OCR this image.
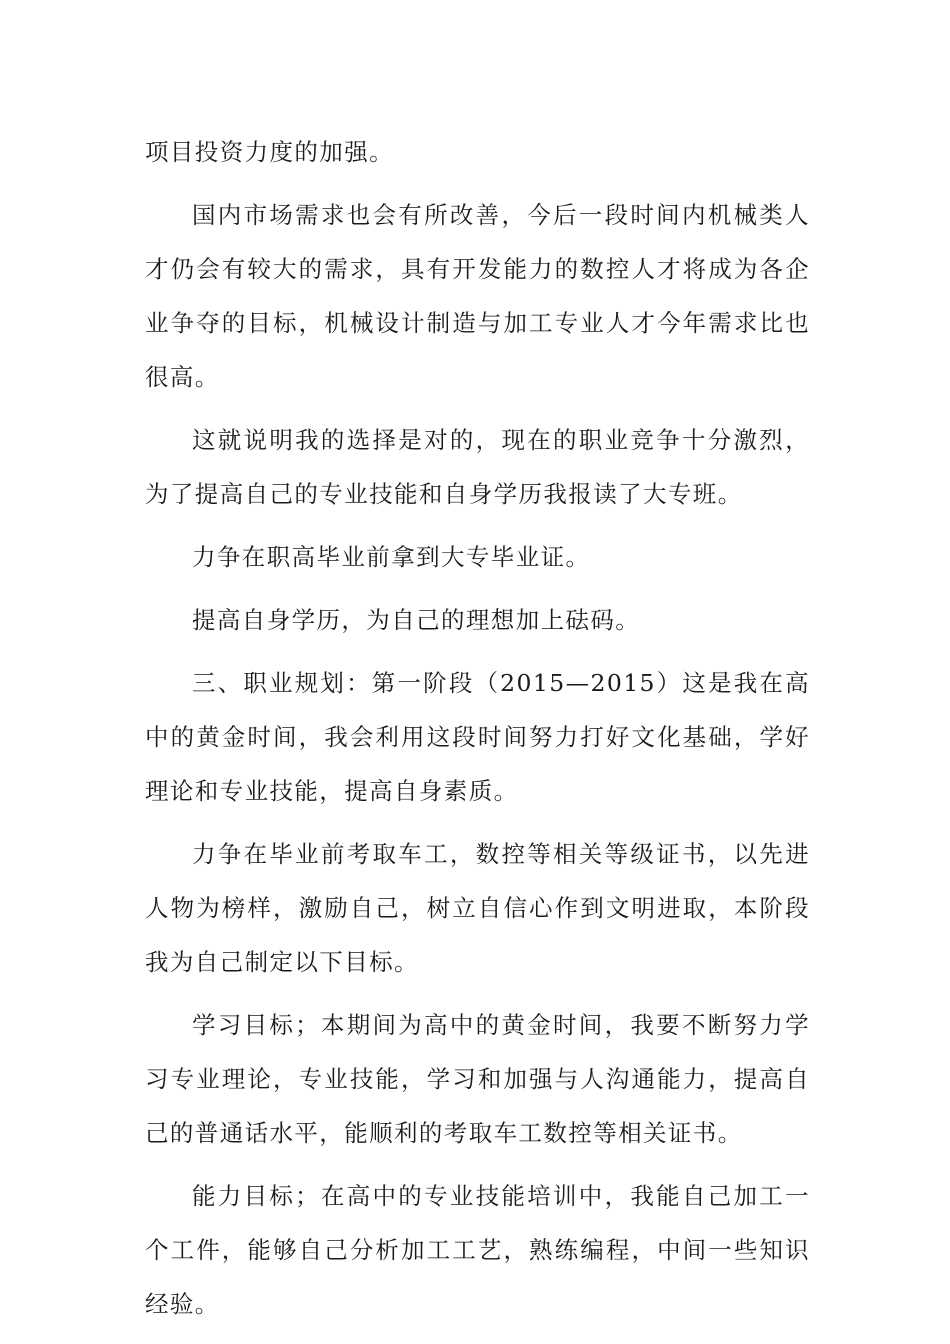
项目投资力度的加强。

国内市场需求也会有所改善，今后一段时间内机械类人才仍会有较大的需求，具有开发能力的数控人才将成为各企业争夺的目标，机械设计制造与加工专业人才今年需求比也很高。

这就说明我的选择是对的，现在的职业竞争十分激烈，为了提高自己的专业技能和自身学历我报读了大专班。

力争在职高毕业前拿到大专毕业证。

提高自身学历，为自己的理想加上砝码。

三、职业规划：第一阶段（2015—2015）这是我在高中的黄金时间，我会利用这段时间努力打好文化基础，学好理论和专业技能，提高自身素质。

力争在毕业前考取车工，数控等相关等级证书，以先进人物为榜样，激励自己，树立自信心作到文明进取，本阶段我为自己制定以下目标。

学习目标；本期间为高中的黄金时间，我要不断努力学习专业理论，专业技能，学习和加强与人沟通能力，提高自己的普通话水平，能顺利的考取车工数控等相关证书。

能力目标；在高中的专业技能培训中，我能自己加工一个工件，能够自己分析加工工艺，熟练编程，中间一些知识经验。
